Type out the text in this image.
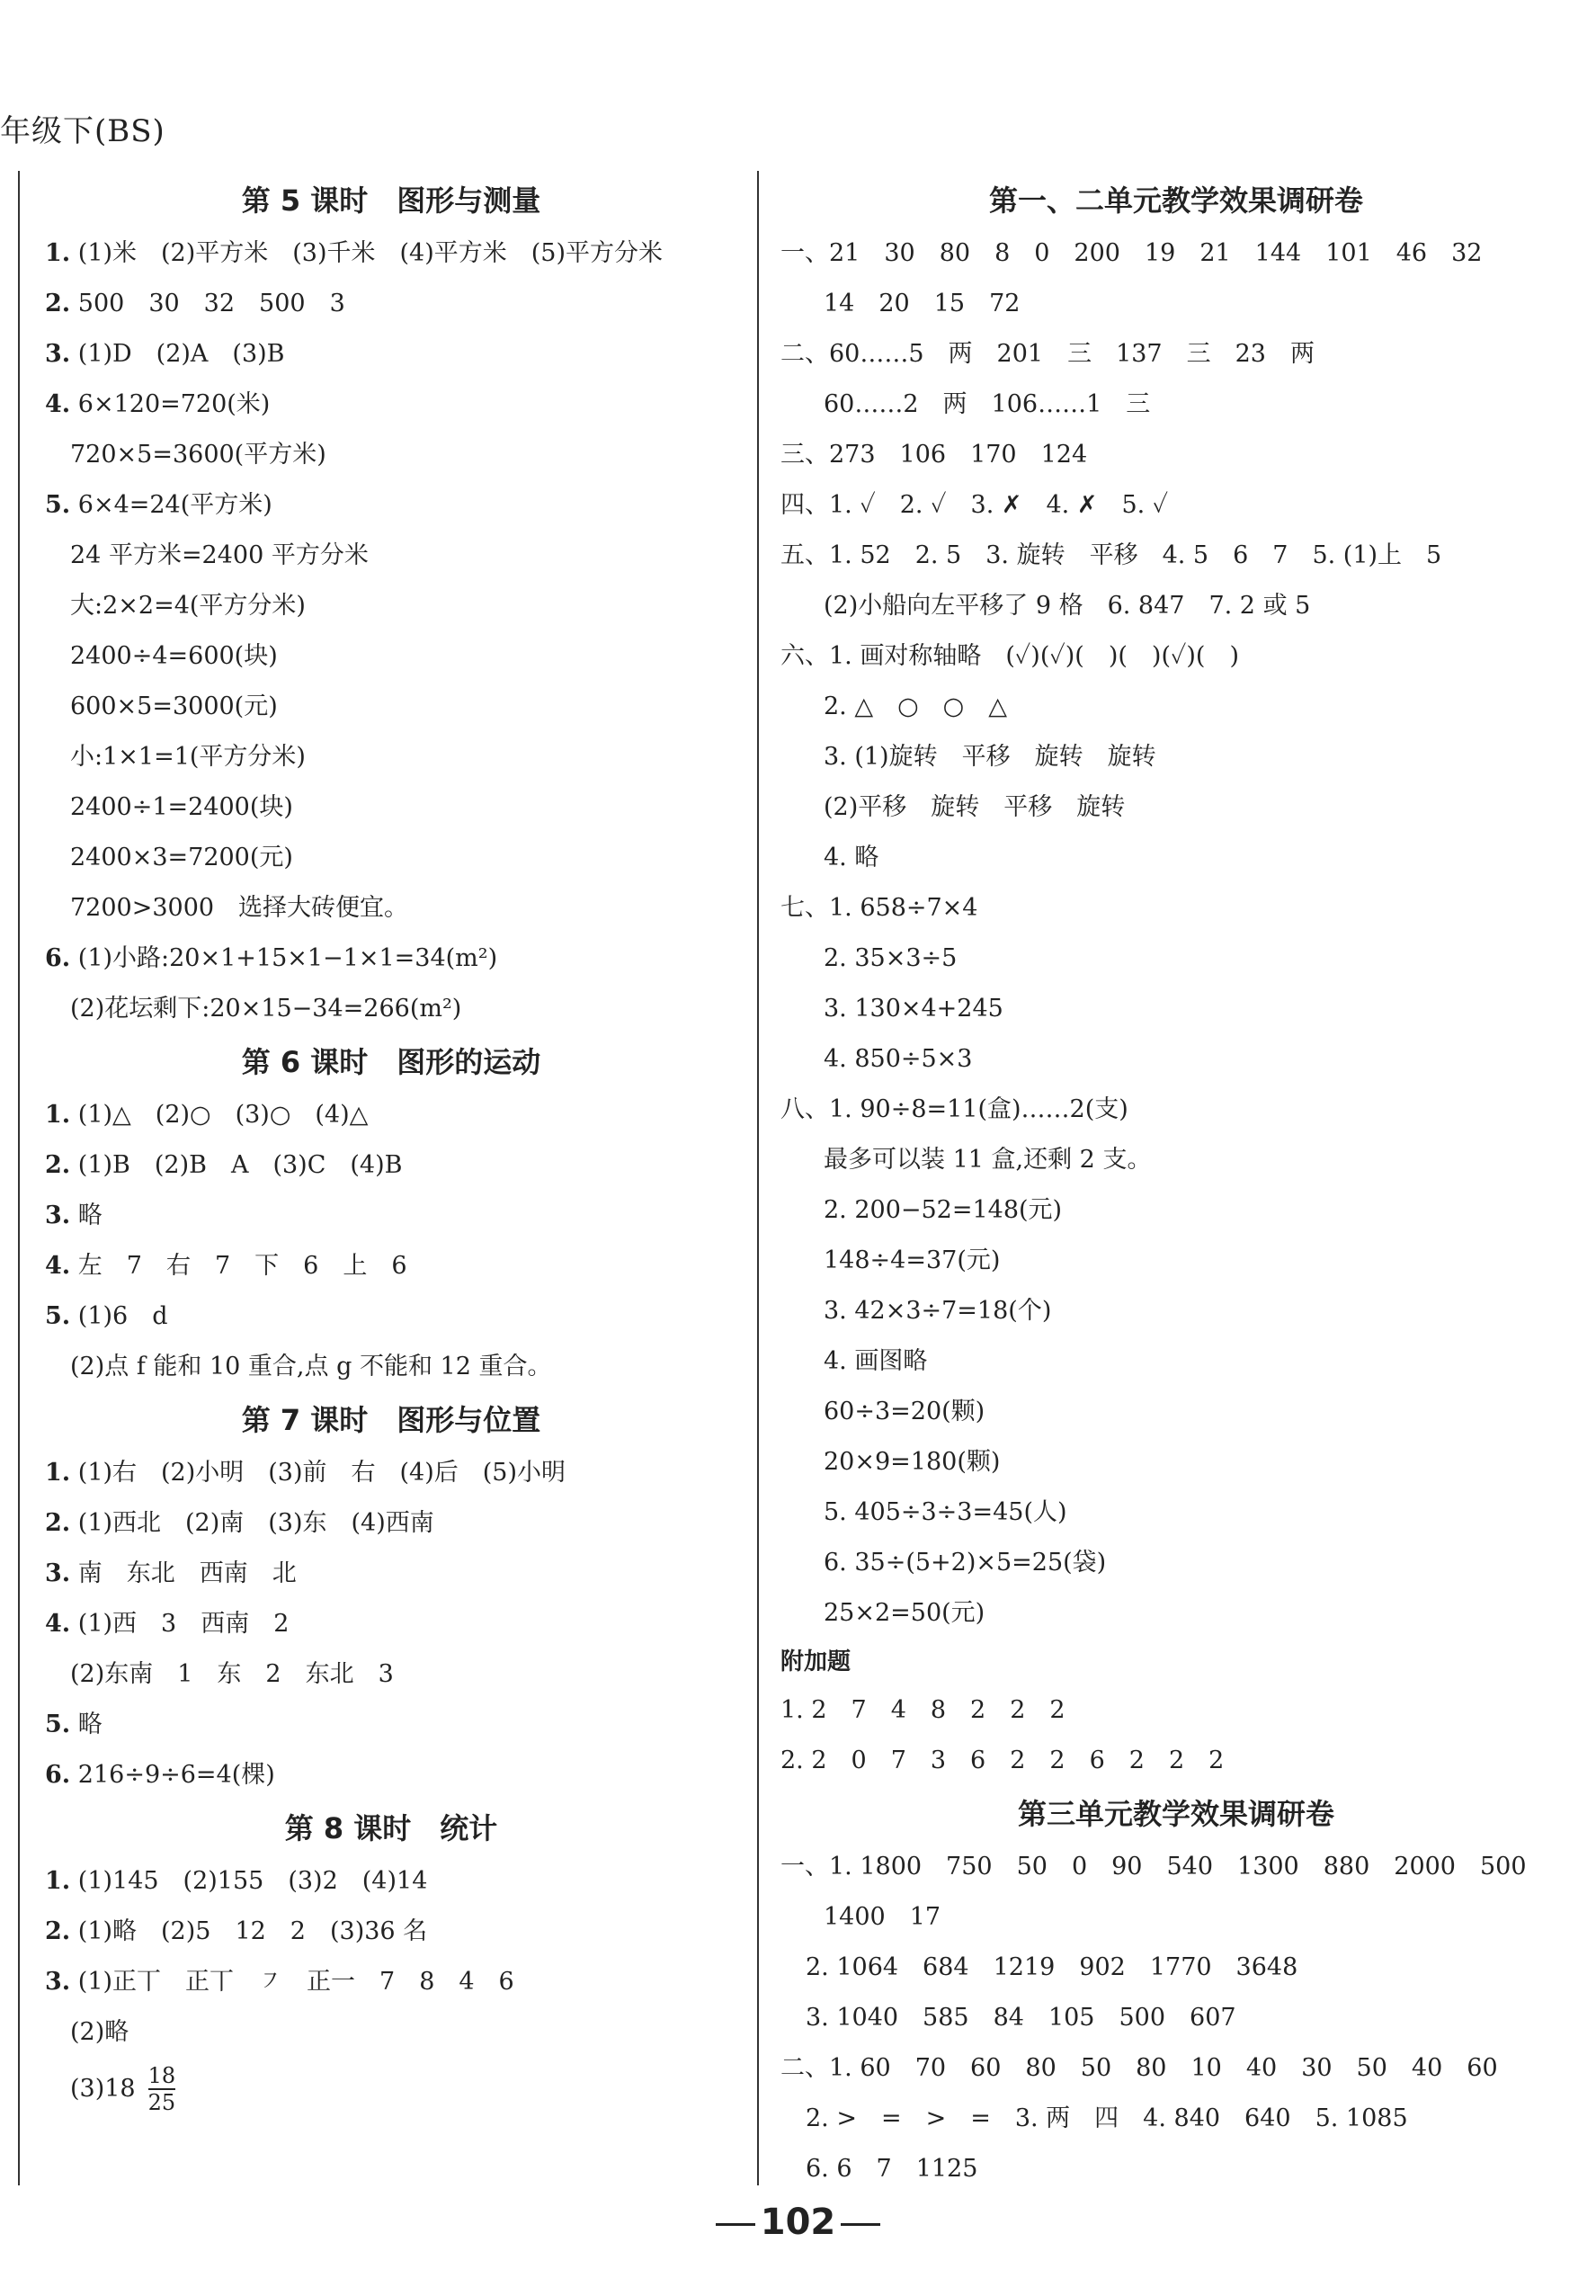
年级下(BS)
第 5 课时　图形与测量
1. (1)米　(2)平方米　(3)千米　(4)平方米　(5)平方分米
2. 500　30　32　500　3
3. (1)D　(2)A　(3)B
4. 6×120=720(米)
720×5=3600(平方米)
5. 6×4=24(平方米)
24 平方米=2400 平方分米
大:2×2=4(平方分米)
2400÷4=600(块)
600×5=3000(元)
小:1×1=1(平方分米)
2400÷1=2400(块)
2400×3=7200(元)
7200>3000　选择大砖便宜。
6. (1)小路:20×1+15×1−1×1=34(m²)
(2)花坛剩下:20×15−34=266(m²)
第 6 课时　图形的运动
1. (1)△　(2)○　(3)○　(4)△
2. (1)B　(2)B　A　(3)C　(4)B
3. 略
4. 左　7　右　7　下　6　上　6
5. (1)6　d
(2)点 f 能和 10 重合,点 g 不能和 12 重合。
第 7 课时　图形与位置
1. (1)右　(2)小明　(3)前　右　(4)后　(5)小明
2. (1)西北　(2)南　(3)东　(4)西南
3. 南　东北　西南　北
4. (1)西　3　西南　2
(2)东南　1　东　2　东北　3
5. 略
6. 216÷9÷6=4(棵)
第 8 课时　统计
1. (1)145　(2)155　(3)2　(4)14
2. (1)略　(2)5　12　2　(3)36 名
3. (1)正丅　正丅　㇇　正一　7　8　4　6
(2)略
$(3)18 \frac{18}{25}$
第一、二单元教学效果调研卷
一、21　30　80　8　0　200　19　21　144　101　46　32
14　20　15　72
二、60……5　两　201　三　137　三　23　两
60……2　两　106……1　三
三、273　106　170　124
四、1. ✓　2. ✓　3. ✗　4. ✗　5. ✓
五、1. 52　2. 5　3. 旋转　平移　4. 5　6　7　5. (1)上　5
(2)小船向左平移了 9 格　6. 847　7. 2 或 5
六、1. 画对称轴略　(✓)(✓)(　)(　)(✓)(　)
2. △　○　○　△
3. (1)旋转　平移　旋转　旋转
(2)平移　旋转　平移　旋转
4. 略
七、1. 658÷7×4
2. 35×3÷5
3. 130×4+245
4. 850÷5×3
八、1. 90÷8=11(盒)……2(支)
最多可以装 11 盒,还剩 2 支。
2. 200−52=148(元)
148÷4=37(元)
3. 42×3÷7=18(个)
4. 画图略
60÷3=20(颗)
20×9=180(颗)
5. 405÷3÷3=45(人)
6. 35÷(5+2)×5=25(袋)
25×2=50(元)
附加题
1. 2　7　4　8　2　2　2
2. 2　0　7　3　6　2　2　6　2　2　2
第三单元教学效果调研卷
一、1. 1800　750　50　0　90　540　1300　880　2000　500
1400　17
2. 1064　684　1219　902　1770　3648
3. 1040　585　84　105　500　607
二、1. 60　70　60　80　50　80　10　40　30　50　40　60
2. >　=　>　=　3. 两　四　4. 840　640　5. 1085
6. 6　7　1125
102
